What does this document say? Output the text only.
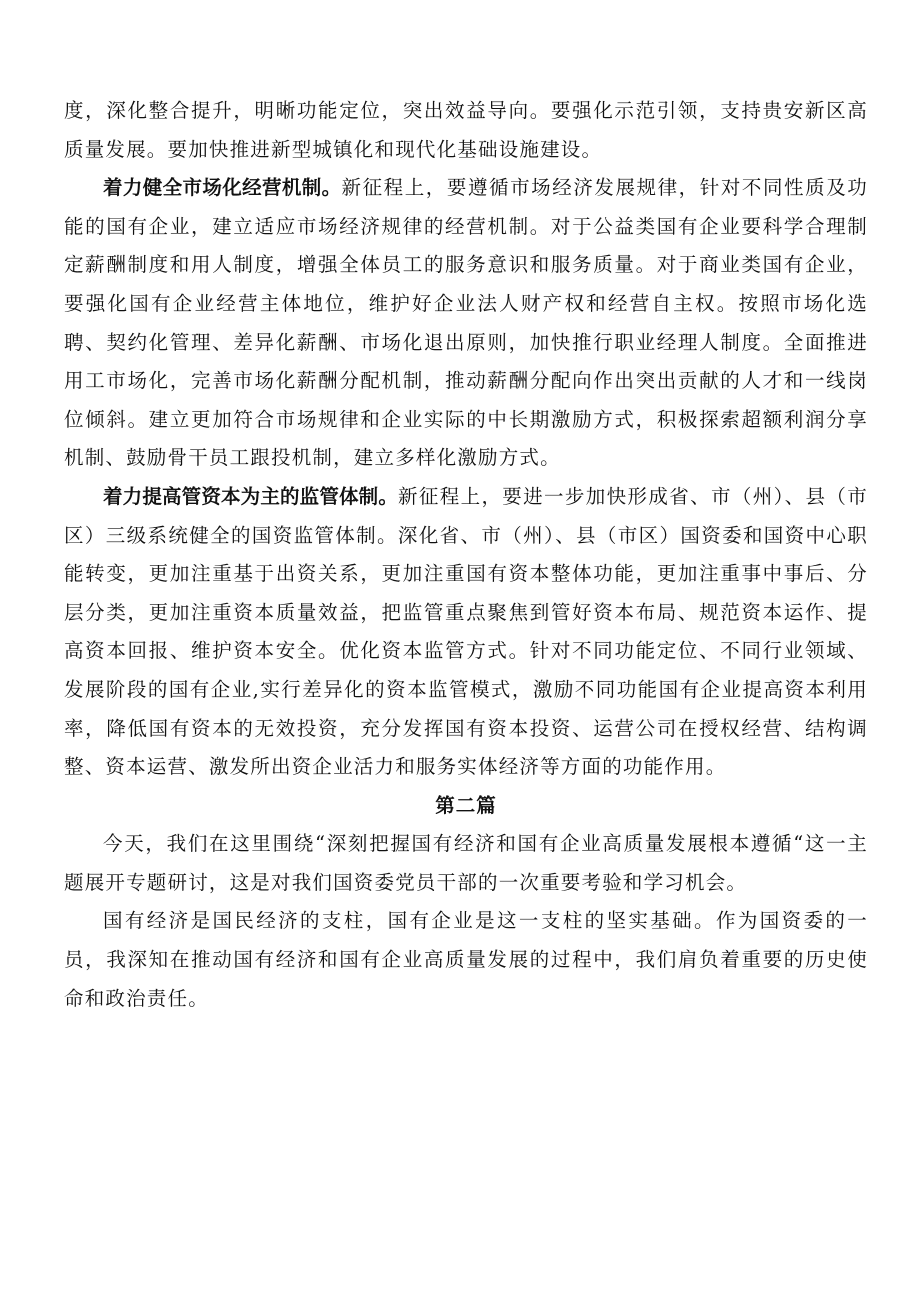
度，深化整合提升，明晰功能定位，突出效益导向。要强化示范引领，支持贵安新区高质量发展。要加快推进新型城镇化和现代化基础设施建设。

着力健全市场化经营机制。新征程上，要遵循市场经济发展规律，针对不同性质及功能的国有企业，建立适应市场经济规律的经营机制。对于公益类国有企业要科学合理制定薪酬制度和用人制度，增强全体员工的服务意识和服务质量。对于商业类国有企业，要强化国有企业经营主体地位，维护好企业法人财产权和经营自主权。按照市场化选聘、契约化管理、差异化薪酬、市场化退出原则，加快推行职业经理人制度。全面推进用工市场化，完善市场化薪酬分配机制，推动薪酬分配向作出突出贡献的人才和一线岗位倾斜。建立更加符合市场规律和企业实际的中长期激励方式，积极探索超额利润分享机制、鼓励骨干员工跟投机制，建立多样化激励方式。

着力提高管资本为主的监管体制。新征程上，要进一步加快形成省、市（州）、县（市区）三级系统健全的国资监管体制。深化省、市（州）、县（市区）国资委和国资中心职能转变，更加注重基于出资关系，更加注重国有资本整体功能，更加注重事中事后、分层分类，更加注重资本质量效益，把监管重点聚焦到管好资本布局、规范资本运作、提高资本回报、维护资本安全。优化资本监管方式。针对不同功能定位、不同行业领域、发展阶段的国有企业,实行差异化的资本监管模式，激励不同功能国有企业提高资本利用率，降低国有资本的无效投资，充分发挥国有资本投资、运营公司在授权经营、结构调整、资本运营、激发所出资企业活力和服务实体经济等方面的功能作用。

第二篇

今天，我们在这里围绕“深刻把握国有经济和国有企业高质量发展根本遵循“这一主题展开专题研讨，这是对我们国资委党员干部的一次重要考验和学习机会。

国有经济是国民经济的支柱，国有企业是这一支柱的坚实基础。作为国资委的一员，我深知在推动国有经济和国有企业高质量发展的过程中，我们肩负着重要的历史使命和政治责任。
